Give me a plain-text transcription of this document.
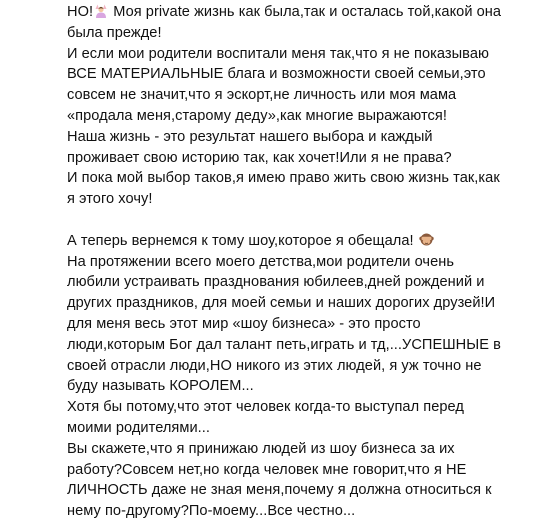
НО! Моя private жизнь как была,так и осталась той,какой она
была прежде!
И если мои родители воспитали меня так,что я не показываю
ВСЕ МАТЕРИАЛЬНЫЕ блага и возможности своей семьи,это
совсем не значит,что я эскорт,не личность или моя мама
«продала меня,старому деду»,как многие выражаются!
Наша жизнь - это результат нашего выбора и каждый
проживает свою историю так, как хочет!Или я не права?
И пока мой выбор таков,я имею право жить свою жизнь так,как
я этого хочу!
А теперь вернемся к тому шоу,которое я обещала!
На протяжении всего моего детства,мои родители очень
любили устраивать празднования юбилеев,дней рождений и
других праздников, для моей семьи и наших дорогих друзей!И
для меня весь этот мир «шоу бизнеса» - это просто
люди,которым Бог дал талант петь,играть и тд,...УСПЕШНЫЕ в
своей отрасли люди,НО никого из этих людей, я уж точно не
буду называть КОРОЛЕМ...
Хотя бы потому,что этот человек когда-то выступал перед
моими родителями...
Вы скажете,что я принижаю людей из шоу бизнеса за их
работу?Совсем нет,но когда человек мне говорит,что я НЕ
ЛИЧНОСТЬ даже не зная меня,почему я должна относиться к
нему по-другому?По-моему...Все честно...
